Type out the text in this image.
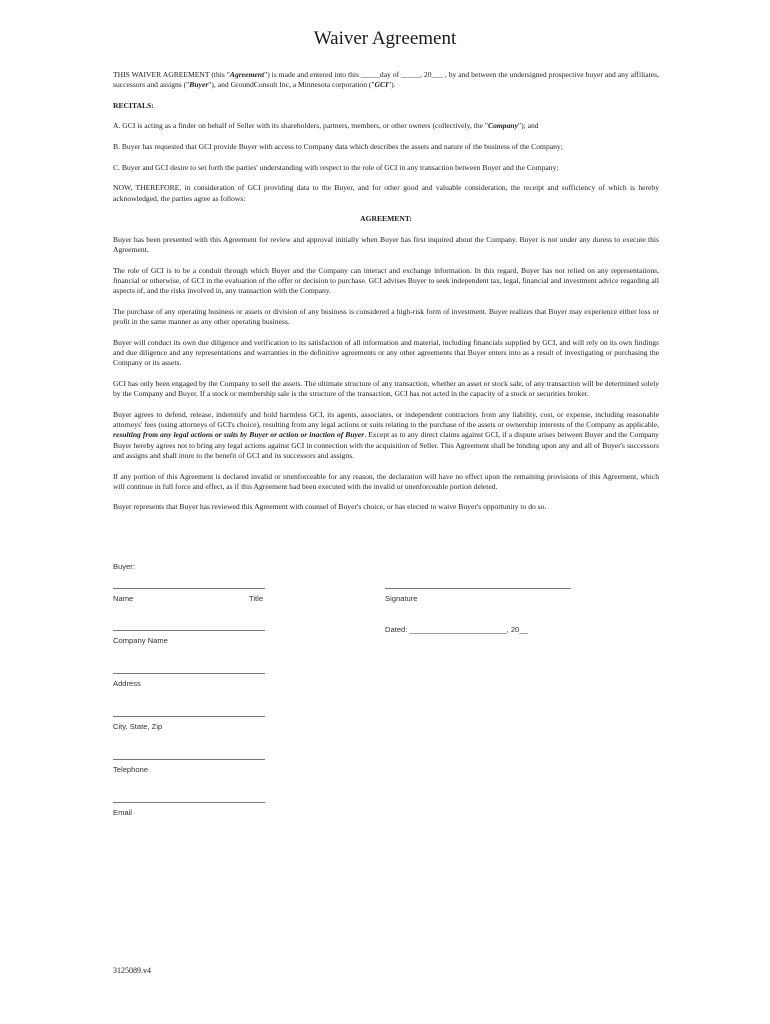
Waiver Agreement

THIS WAIVER AGREEMENT (this "Agreement") is made and entered into this _____day of _____, 20___ , by and between the undersigned prospective buyer and any affiliates, successors and assigns ("Buyer"), and GroundConsult Inc, a Minnesota corporation ("GCI").

RECITALS:

A. GCI is acting as a finder on behalf of Seller with its shareholders, partners, members, or other owners (collectively, the "Company"); and

B. Buyer has requested that GCI provide Buyer with access to Company data which describes the assets and nature of the business of the Company;

C. Buyer and GCI desire to set forth the parties' understanding with respect to the role of GCI in any transaction between Buyer and the Company;

NOW, THEREFORE, in consideration of GCI providing data to the Buyer, and for other good and valuable consideration, the receipt and sufficiency of which is hereby acknowledged, the parties agree as follows:

AGREEMENT:

Buyer has been presented with this Agreement for review and approval initially when Buyer has first inquired about the Company. Buyer is not under any duress to execute this Agreement.

The role of GCI is to be a conduit through which Buyer and the Company can interact and exchange information. In this regard, Buyer has not relied on any representations, financial or otherwise, of GCI in the evaluation of the offer or decision to purchase. GCI advises Buyer to seek independent tax, legal, financial and investment advice regarding all aspects of, and the risks involved in, any transaction with the Company.

The purchase of any operating business or assets or division of any business is considered a high-risk form of investment. Buyer realizes that Buyer may experience either loss or profit in the same manner as any other operating business.

Buyer will conduct its own due diligence and verification to its satisfaction of all information and material, including financials supplied by GCI, and will rely on its own findings and due diligence and any representations and warranties in the definitive agreements or any other agreements that Buyer enters into as a result of investigating or purchasing the Company or its assets.

GCI has only been engaged by the Company to sell the assets. The ultimate structure of any transaction, whether an asset or stock sale, of any transaction will be determined solely by the Company and Buyer. If a stock or membership sale is the structure of the transaction, GCI has not acted in the capacity of a stock or securities broker.

Buyer agrees to defend, release, indemnify and hold harmless GCI, its agents, associates, or independent contractors from any liability, cost, or expense, including reasonable attorneys' fees (using attorneys of GCI's choice), resulting from any legal actions or suits relating to the purchase of the assets or ownership interests of the Company as applicable, resulting from any legal actions or suits by Buyer or action or inaction of Buyer. Except as to any direct claims against GCI, if a dispute arises between Buyer and the Company Buyer hereby agrees not to bring any legal actions against GCI in connection with the acquisition of Seller. This Agreement shall be binding upon any and all of Buyer's successors and assigns and shall inure to the benefit of GCI and its successors and assigns.

If any portion of this Agreement is declared invalid or unenforceable for any reason, the declaration will have no effect upon the remaining provisions of this Agreement, which will continue in full force and effect, as if this Agreement had been executed with the invalid or unenforceable portion deleted.

Buyer represents that Buyer has reviewed this Agreement with counsel of Buyer's choice, or has elected to waive Buyer's opportunity to do so.

Buyer:
Name	Title	Signature
Dated: _______________________, 20__
Company Name
Address
City, State, Zip
Telephone
Email
3125089.v4
